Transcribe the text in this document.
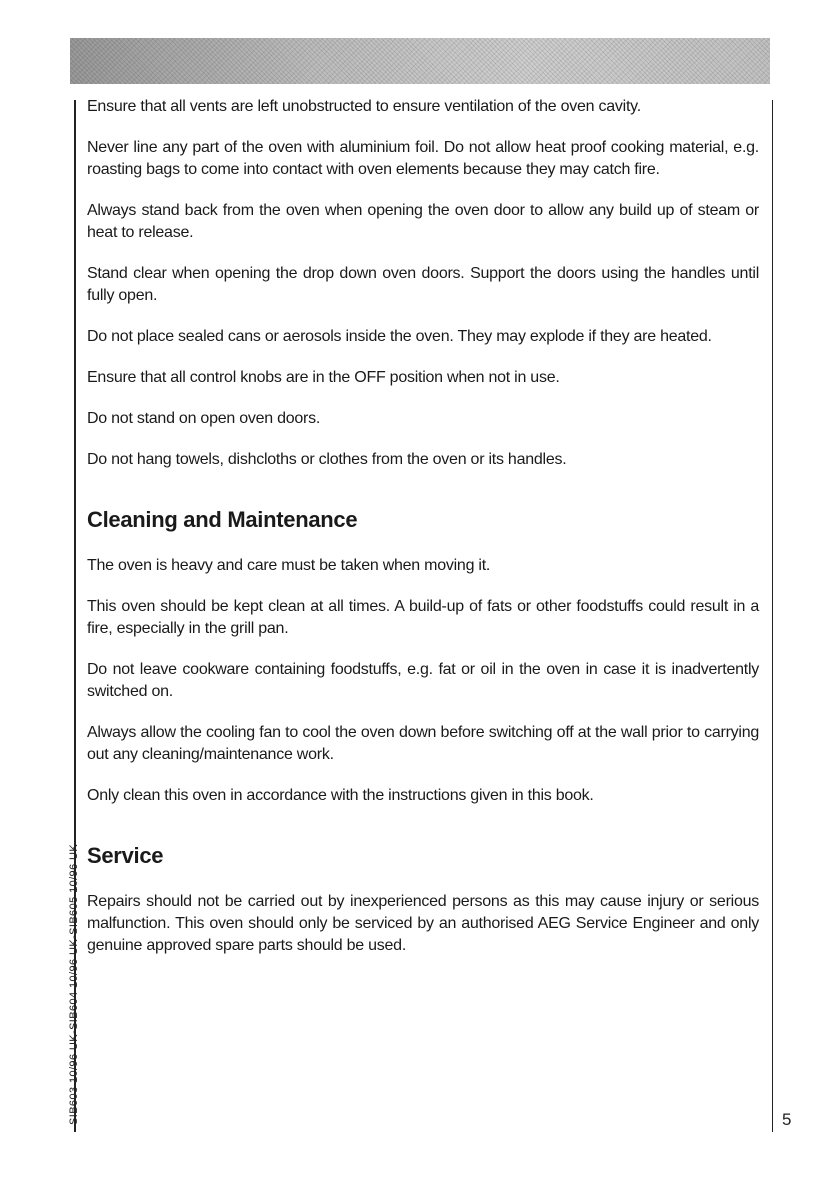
Ensure that all vents are left unobstructed to ensure ventilation of the oven cavity.

Never line any part of the oven with aluminium foil. Do not allow heat proof cooking material, e.g. roasting bags to come into contact with oven elements because they may catch fire.

Always stand back from the oven when opening the oven door to allow any build up of steam or heat to release.

Stand clear when opening the drop down oven doors. Support the doors using the handles until fully open.

Do not place sealed cans or aerosols inside the oven. They may explode if they are heated.

Ensure that all control knobs are in the OFF position when not in use.

Do not stand on open oven doors.

Do not hang towels, dishcloths or clothes from the oven or its handles.

Cleaning and Maintenance

The oven is heavy and care must be taken when moving it.

This oven should be kept clean at all times. A build-up of fats or other foodstuffs could result in a fire, especially in the grill pan.

Do not leave cookware containing foodstuffs, e.g. fat or oil in the oven in case it is inadvertently switched on.

Always allow the cooling fan to cool the oven down before switching off at the wall prior to carrying out any cleaning/maintenance work.

Only clean this oven in accordance with the instructions given in this book.

Service

Repairs should not be carried out by inexperienced persons as this may cause injury or serious malfunction. This oven should only be serviced by an authorised AEG Service Engineer and only genuine approved spare parts should be used.

SIB603 10/96 UK-SIB604 10/96 UK-SIB605 10/96 UK	5
